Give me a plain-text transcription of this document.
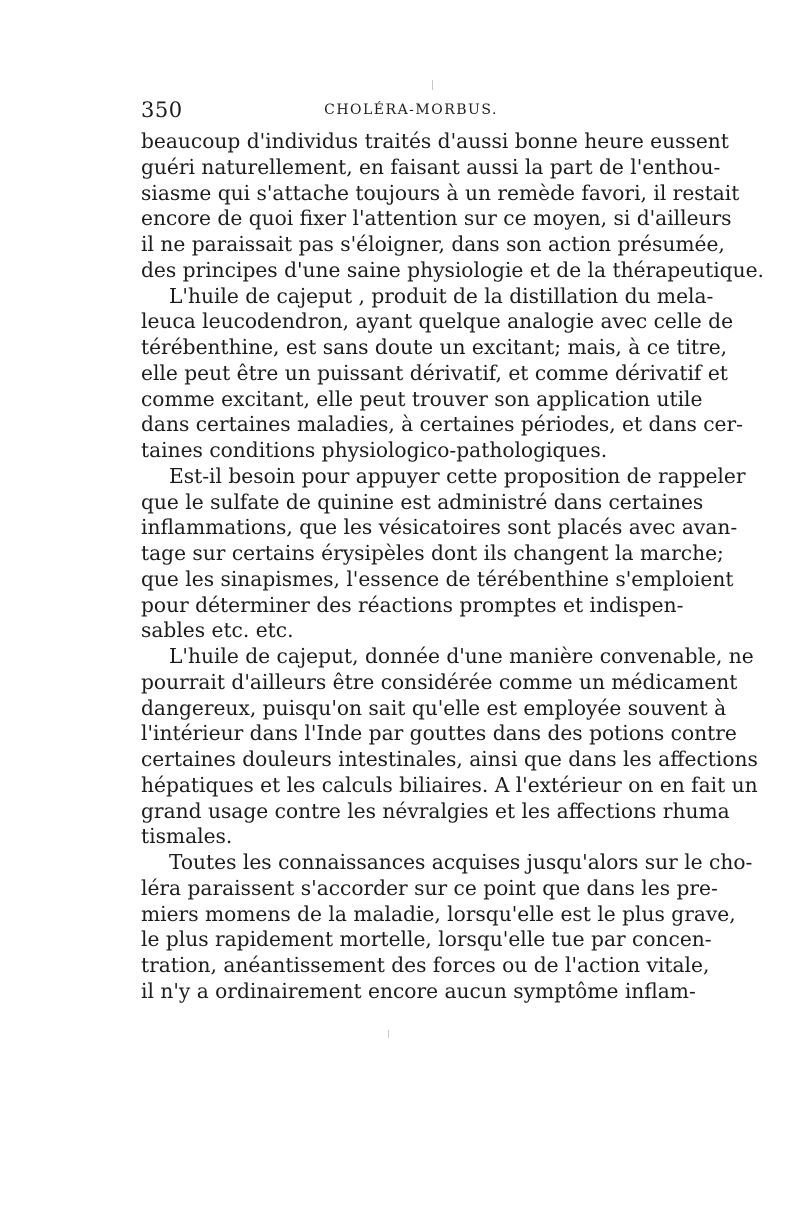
350	CHOLÉRA-MORBUS.

beaucoup d'individus traités d'aussi bonne heure eussent
guéri naturellement, en faisant aussi la part de l'enthou-
siasme qui s'attache toujours à un remède favori, il restait
encore de quoi fixer l'attention sur ce moyen, si d'ailleurs
il ne paraissait pas s'éloigner, dans son action présumée,
des principes d'une saine physiologie et de la thérapeutique.

L'huile de cajeput , produit de la distillation du mela-
leuca leucodendron, ayant quelque analogie avec celle de
térébenthine, est sans doute un excitant; mais, à ce titre,
elle peut être un puissant dérivatif, et comme dérivatif et
comme excitant, elle peut trouver son application utile
dans certaines maladies, à certaines périodes, et dans cer-
taines conditions physiologico-pathologiques.

Est-il besoin pour appuyer cette proposition de rappeler
que le sulfate de quinine est administré dans certaines
inflammations, que les vésicatoires sont placés avec avan-
tage sur certains érysipèles dont ils changent la marche;
que les sinapismes, l'essence de térébenthine s'emploient
pour déterminer des réactions promptes et indispen-
sables etc. etc.

L'huile de cajeput, donnée d'une manière convenable, ne
pourrait d'ailleurs être considérée comme un médicament
dangereux, puisqu'on sait qu'elle est employée souvent à
l'intérieur dans l'Inde par gouttes dans des potions contre
certaines douleurs intestinales, ainsi que dans les affections
hépatiques et les calculs biliaires. A l'extérieur on en fait un
grand usage contre les névralgies et les affections rhuma
tismales.

Toutes les connaissances acquises jusqu'alors sur le cho-
léra paraissent s'accorder sur ce point que dans les pre-
miers momens de la maladie, lorsqu'elle est le plus grave,
le plus rapidement mortelle, lorsqu'elle tue par concen-
tration, anéantissement des forces ou de l'action vitale,
il n'y a ordinairement encore aucun symptôme inflam-
